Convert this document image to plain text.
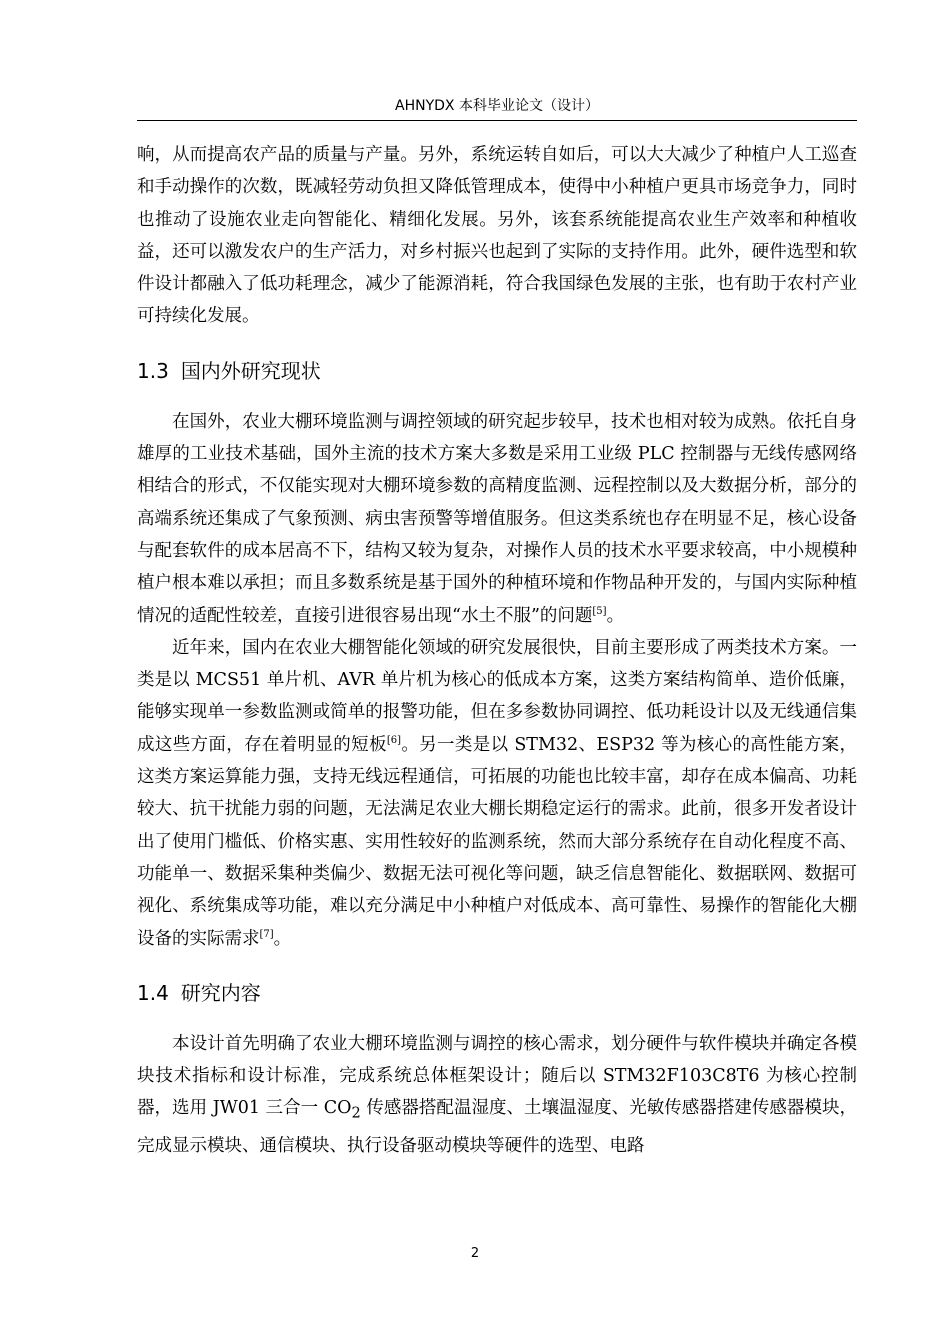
AHNYDX 本科毕业论文（设计）

响，从而提高农产品的质量与产量。另外，系统运转自如后，可以大大减少了种植户人工巡查和手动操作的次数，既减轻劳动负担又降低管理成本，使得中小种植户更具市场竞争力，同时也推动了设施农业走向智能化、精细化发展。另外，该套系统能提高农业生产效率和种植收益，还可以激发农户的生产活力，对乡村振兴也起到了实际的支持作用。此外，硬件选型和软件设计都融入了低功耗理念，减少了能源消耗，符合我国绿色发展的主张，也有助于农村产业可持续化发展。

1.3 国内外研究现状

在国外，农业大棚环境监测与调控领域的研究起步较早，技术也相对较为成熟。依托自身雄厚的工业技术基础，国外主流的技术方案大多数是采用工业级 PLC 控制器与无线传感网络相结合的形式，不仅能实现对大棚环境参数的高精度监测、远程控制以及大数据分析，部分的高端系统还集成了气象预测、病虫害预警等增值服务。但这类系统也存在明显不足，核心设备与配套软件的成本居高不下，结构又较为复杂，对操作人员的技术水平要求较高，中小规模种植户根本难以承担；而且多数系统是基于国外的种植环境和作物品种开发的，与国内实际种植情况的适配性较差，直接引进很容易出现“水土不服”的问题[5]。

近年来，国内在农业大棚智能化领域的研究发展很快，目前主要形成了两类技术方案。一类是以 MCS51 单片机、AVR 单片机为核心的低成本方案，这类方案结构简单、造价低廉，能够实现单一参数监测或简单的报警功能，但在多参数协同调控、低功耗设计以及无线通信集成这些方面，存在着明显的短板[6]。另一类是以 STM32、ESP32 等为核心的高性能方案，这类方案运算能力强，支持无线远程通信，可拓展的功能也比较丰富，却存在成本偏高、功耗较大、抗干扰能力弱的问题，无法满足农业大棚长期稳定运行的需求。此前，很多开发者设计出了使用门槛低、价格实惠、实用性较好的监测系统，然而大部分系统存在自动化程度不高、功能单一、数据采集种类偏少、数据无法可视化等问题，缺乏信息智能化、数据联网、数据可视化、系统集成等功能，难以充分满足中小种植户对低成本、高可靠性、易操作的智能化大棚设备的实际需求[7]。

1.4 研究内容

本设计首先明确了农业大棚环境监测与调控的核心需求，划分硬件与软件模块并确定各模块技术指标和设计标准，完成系统总体框架设计；随后以 STM32F103C8T6 为核心控制器，选用 JW01 三合一 $CO_2$ 传感器搭配温湿度、土壤温湿度、光敏传感器搭建传感器模块，完成显示模块、通信模块、执行设备驱动模块等硬件的选型、电路

2
